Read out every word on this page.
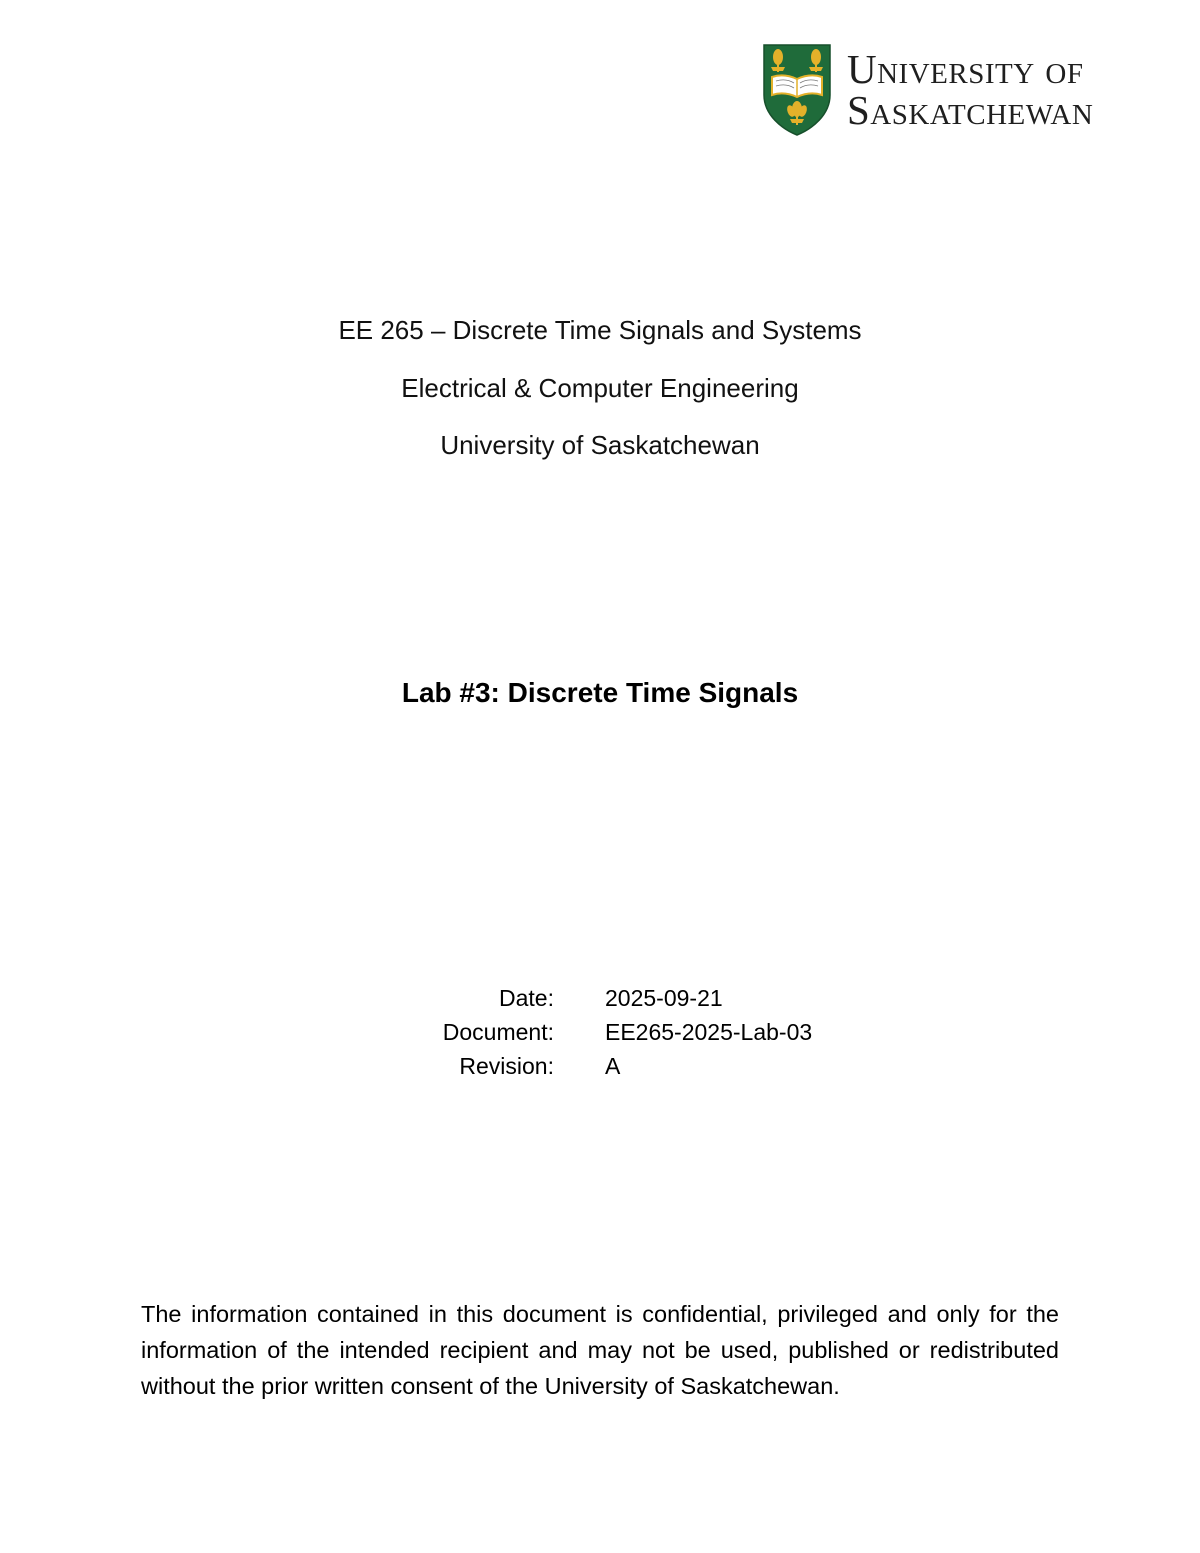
University of
Saskatchewan
EE 265 – Discrete Time Signals and Systems
Electrical & Computer Engineering
University of Saskatchewan
Lab #3: Discrete Time Signals
Date: 2025-09-21
Document: EE265-2025-Lab-03
Revision: A
The information contained in this document is confidential, privileged and only for the information of the intended recipient and may not be used, published or redistributed without the prior written consent of the University of Saskatchewan.
